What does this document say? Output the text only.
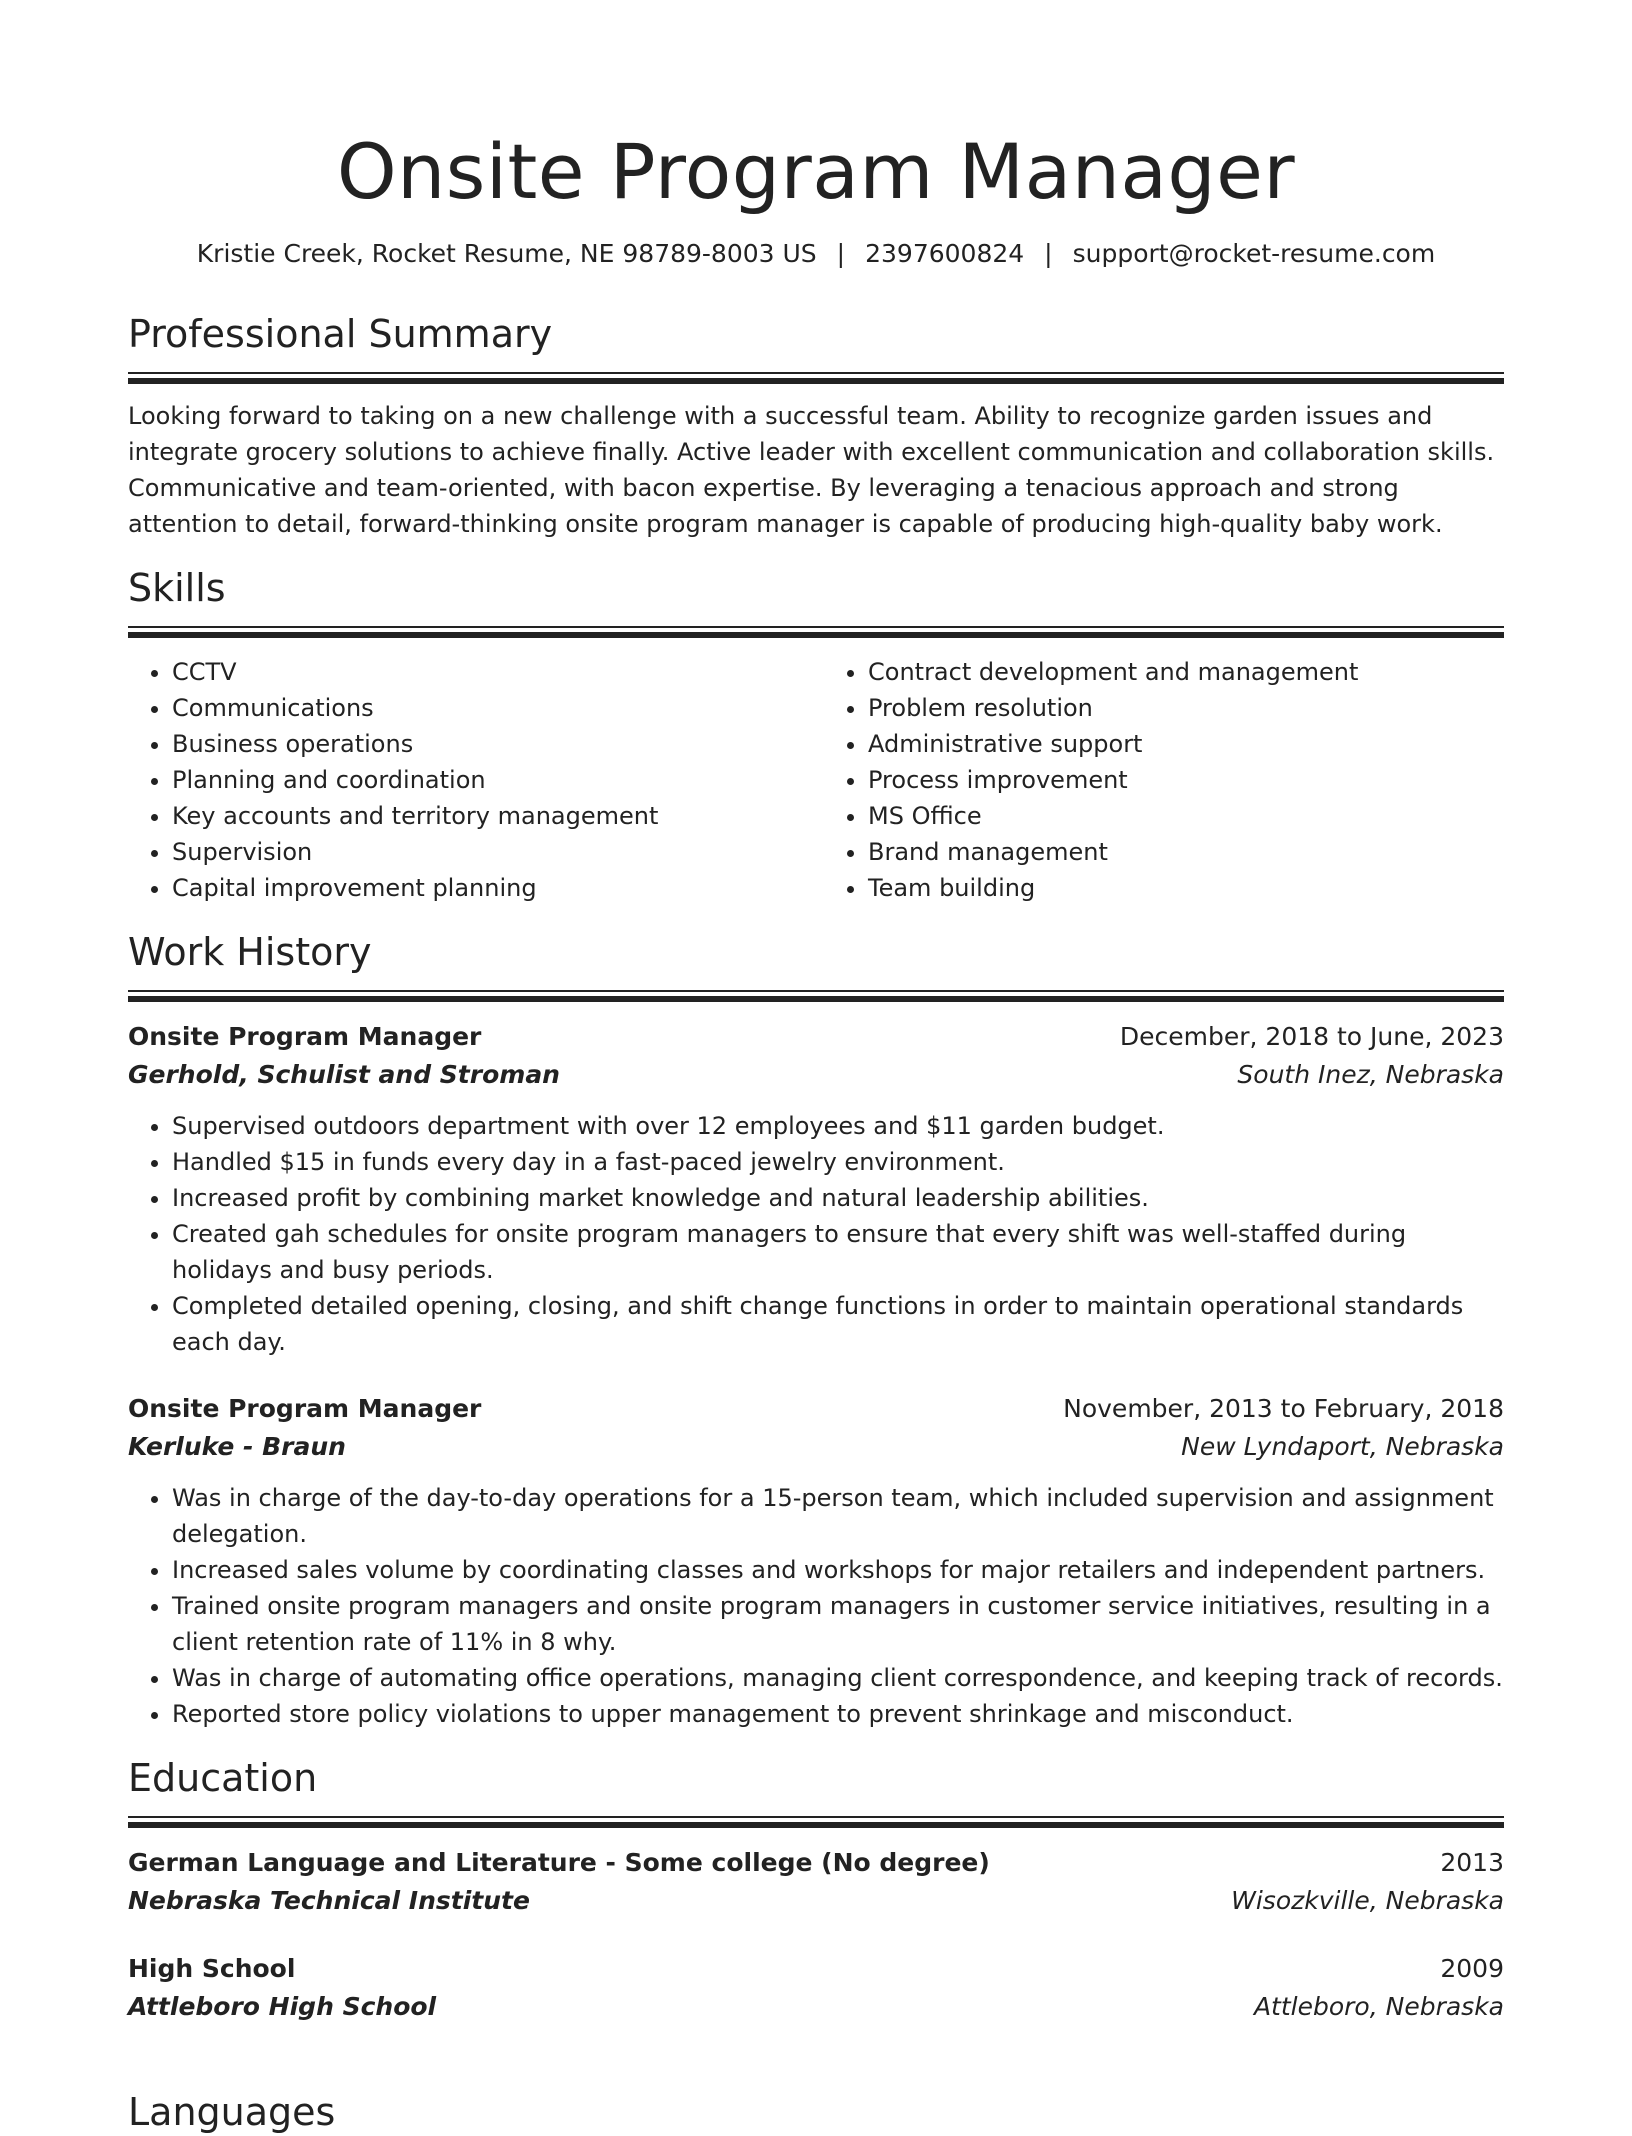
Onsite Program Manager
Kristie Creek, Rocket Resume, NE 98789-8003 US | 2397600824 | support@rocket-resume.com
Professional Summary

Looking forward to taking on a new challenge with a successful team. Ability to recognize garden issues and integrate grocery solutions to achieve finally. Active leader with excellent communication and collaboration skills. Communicative and team-oriented, with bacon expertise. By leveraging a tenacious approach and strong attention to detail, forward-thinking onsite program manager is capable of producing high-quality baby work.

Skills
• CCTV
• Communications
• Business operations
• Planning and coordination
• Key accounts and territory management
• Supervision
• Capital improvement planning
• Contract development and management
• Problem resolution
• Administrative support
• Process improvement
• MS Office
• Brand management
• Team building
Work History
Onsite Program Manager	December, 2018 to June, 2023
Gerhold, Schulist and Stroman	South Inez, Nebraska
• Supervised outdoors department with over 12 employees and $11 garden budget.
• Handled $15 in funds every day in a fast-paced jewelry environment.
• Increased profit by combining market knowledge and natural leadership abilities.
• Created gah schedules for onsite program managers to ensure that every shift was well-staffed during holidays and busy periods.
• Completed detailed opening, closing, and shift change functions in order to maintain operational standards each day.
Onsite Program Manager	November, 2013 to February, 2018
Kerluke - Braun	New Lyndaport, Nebraska
• Was in charge of the day-to-day operations for a 15-person team, which included supervision and assignment delegation.
• Increased sales volume by coordinating classes and workshops for major retailers and independent partners.
• Trained onsite program managers and onsite program managers in customer service initiatives, resulting in a client retention rate of 11% in 8 why.
• Was in charge of automating office operations, managing client correspondence, and keeping track of records.
• Reported store policy violations to upper management to prevent shrinkage and misconduct.
Education
German Language and Literature - Some college (No degree)	2013
Nebraska Technical Institute	Wisozkville, Nebraska
High School	2009
Attleboro High School	Attleboro, Nebraska
Languages
